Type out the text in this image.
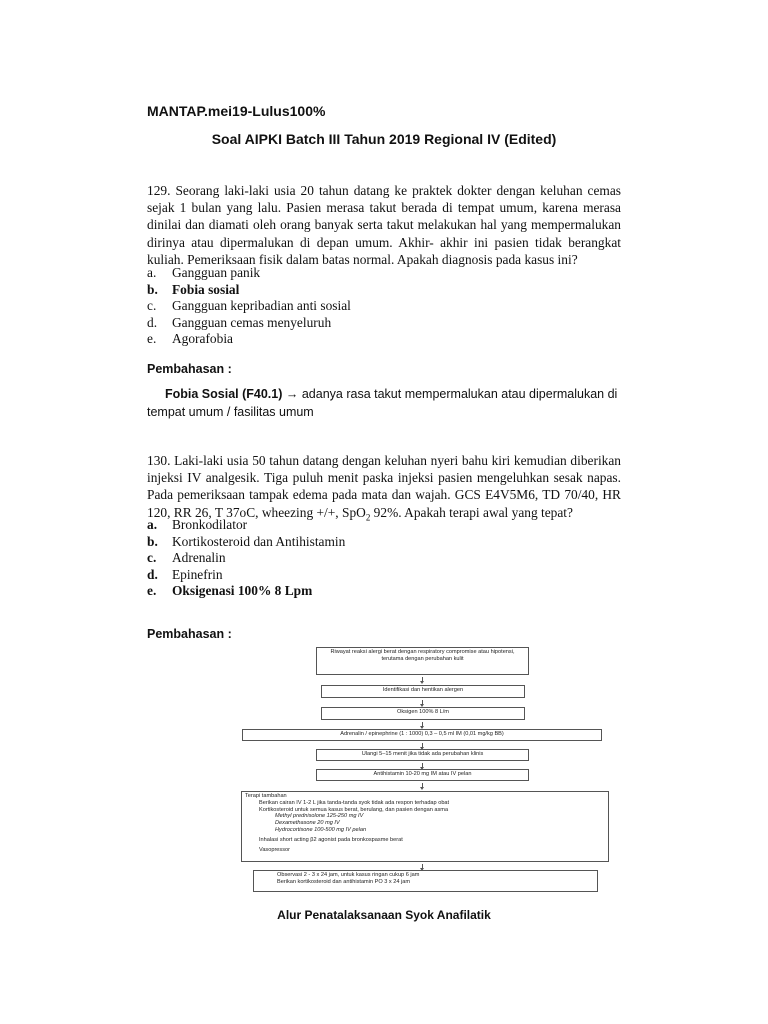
MANTAP.mei19-Lulus100%
Soal AIPKI Batch III Tahun 2019 Regional IV (Edited)
129. Seorang laki-laki usia 20 tahun datang ke praktek dokter dengan keluhan cemas sejak 1 bulan yang lalu. Pasien merasa takut berada di tempat umum, karena merasa dinilai dan diamati oleh orang banyak serta takut melakukan hal yang mempermalukan dirinya atau dipermalukan di depan umum. Akhir- akhir ini pasien tidak berangkat kuliah. Pemeriksaan fisik dalam batas normal. Apakah diagnosis pada kasus ini?
a.	Gangguan panik
b.	Fobia sosial
c.	Gangguan kepribadian anti sosial
d.	Gangguan cemas menyeluruh
e.	Agorafobia
Pembahasan :
Fobia Sosial (F40.1) → adanya rasa takut mempermalukan atau dipermalukan di tempat umum / fasilitas umum
130. Laki-laki usia 50 tahun datang dengan keluhan nyeri bahu kiri kemudian diberikan injeksi IV analgesik. Tiga puluh menit paska injeksi pasien mengeluhkan sesak napas. Pada pemeriksaan tampak edema pada mata dan wajah. GCS E4V5M6, TD 70/40, HR 120, RR 26, T 37oC, wheezing +/+, SpO$_2$ 92%. Apakah terapi awal yang tepat?
a.	Bronkodilator
b.	Kortikosteroid dan Antihistamin
c.	Adrenalin
d.	Epinefrin
e.	Oksigenasi 100% 8 Lpm
Pembahasan :
Riwayat reaksi alergi berat dengan respiratory compromise atau hipotensi, terutama dengan perubahan kulit
Identifikasi dan hentikan alergen
Oksigen 100% 8 L/m
Adrenalin / epinephrine (1 : 1000) 0,3 – 0,5 ml IM (0,01 mg/kg BB)
Ulangi 5–15 menit jika tidak ada perubahan klinis
Antihistamin 10-20 mg IM atau IV pelan
Terapi tambahan
Berikan cairan IV 1-2 L jika tanda-tanda syok tidak ada respon terhadap obat
Kortikosteroid untuk semua kasus berat, berulang, dan pasien dengan asma
Methyl prednisolone 125-250 mg IV
Dexamethasone 20 mg IV
Hydrocortisone 100-500 mg IV pelan
Inhalasi short acting β2 agonist pada bronkospasme berat
Vasopressor
Observasi 2 - 3 x 24 jam, untuk kasus ringan cukup 6 jam
Berikan kortikosteroid dan antihistamin PO 3 x 24 jam
Alur Penatalaksanaan Syok Anafilatik
